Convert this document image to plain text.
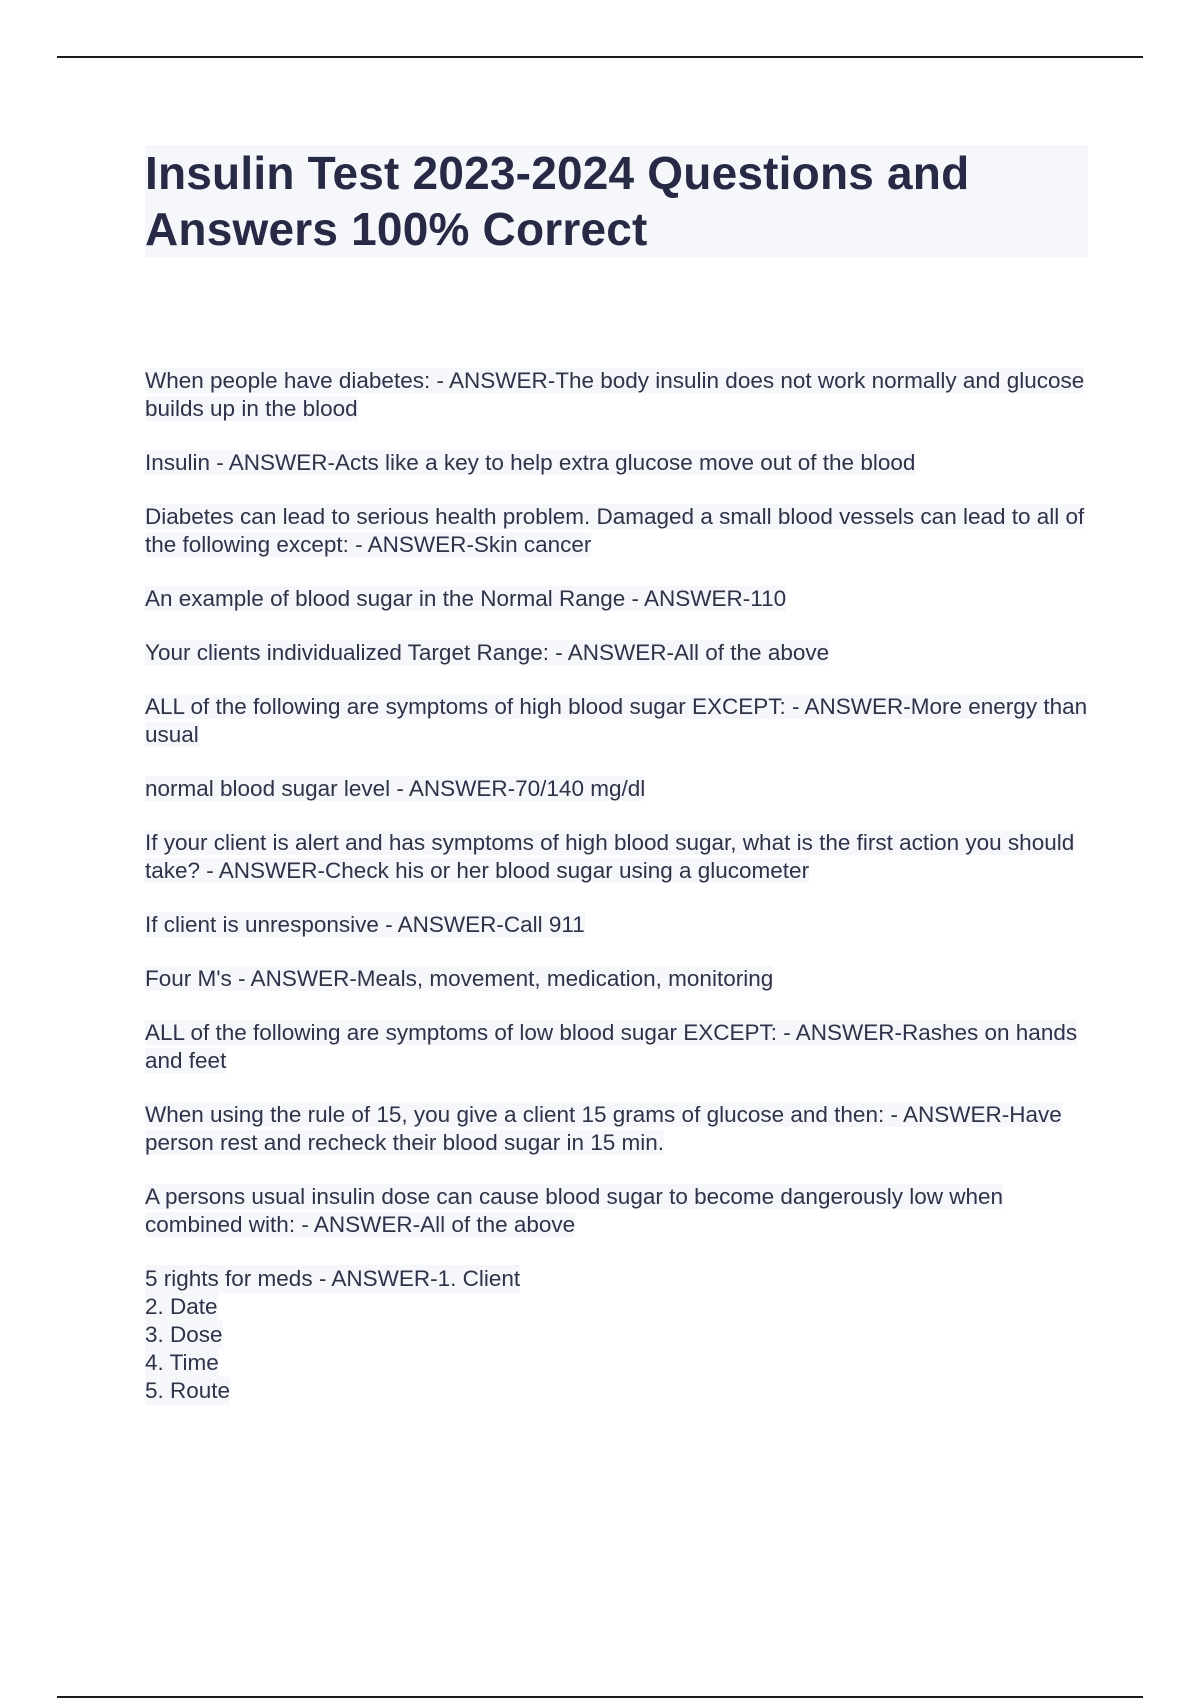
Insulin Test 2023-2024 Questions and Answers 100% Correct

When people have diabetes: - ANSWER-The body insulin does not work normally and glucose builds up in the blood

Insulin - ANSWER-Acts like a key to help extra glucose move out of the blood

Diabetes can lead to serious health problem. Damaged a small blood vessels can lead to all of the following except: - ANSWER-Skin cancer

An example of blood sugar in the Normal Range - ANSWER-110

Your clients individualized Target Range: - ANSWER-All of the above

ALL of the following are symptoms of high blood sugar EXCEPT: - ANSWER-More energy than usual

normal blood sugar level - ANSWER-70/140 mg/dl

If your client is alert and has symptoms of high blood sugar, what is the first action you should take? - ANSWER-Check his or her blood sugar using a glucometer

If client is unresponsive - ANSWER-Call 911

Four M's - ANSWER-Meals, movement, medication, monitoring

ALL of the following are symptoms of low blood sugar EXCEPT: - ANSWER-Rashes on hands and feet

When using the rule of 15, you give a client 15 grams of glucose and then: - ANSWER-Have person rest and recheck their blood sugar in 15 min.

A persons usual insulin dose can cause blood sugar to become dangerously low when combined with: - ANSWER-All of the above

5 rights for meds - ANSWER-1. Client
2. Date
3. Dose
4. Time
5. Route
